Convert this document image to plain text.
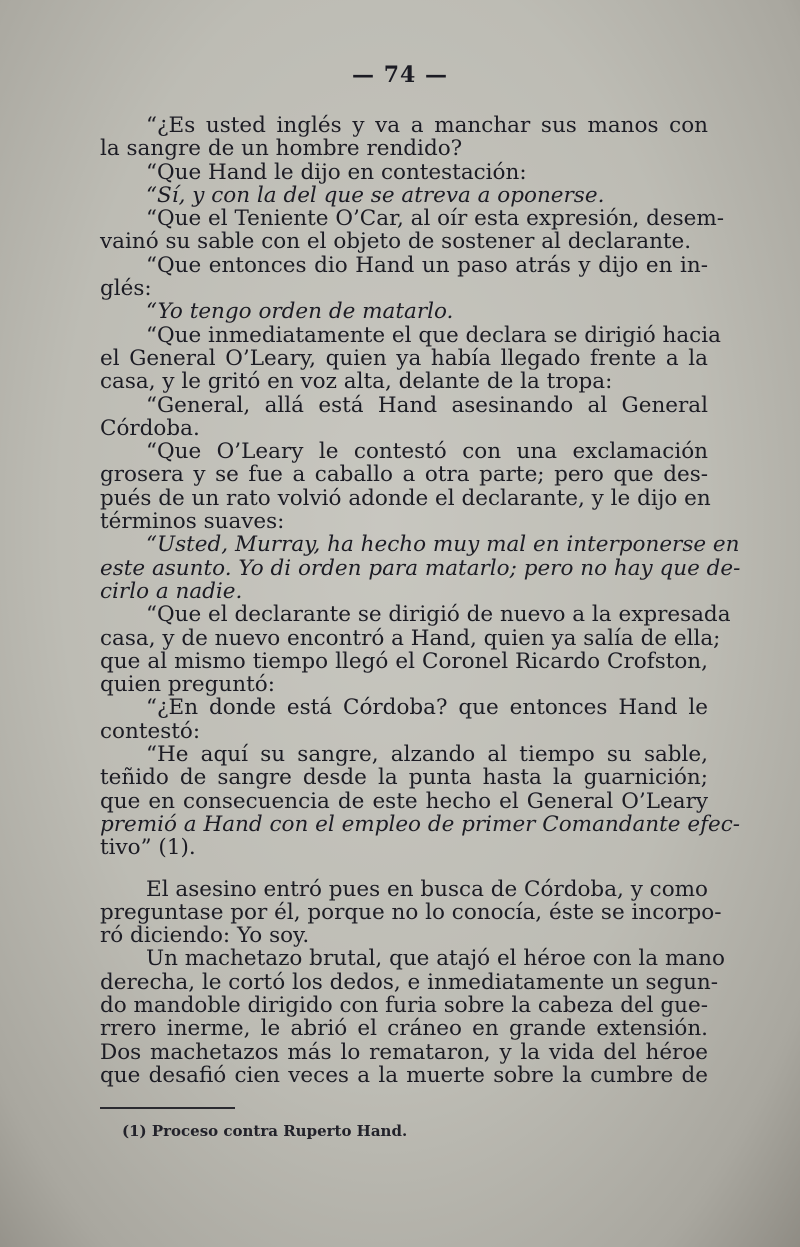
— 74 —
“¿Es usted inglés y va a manchar sus manos con
la sangre de un hombre rendido?
“Que Hand le dijo en contestación:
“Sí, y con la del que se atreva a oponerse.
“Que el Teniente O’Car, al oír esta expresión, desem-
vainó su sable con el objeto de sostener al declarante.
“Que entonces dio Hand un paso atrás y dijo en in-
glés:
“Yo tengo orden de matarlo.
“Que inmediatamente el que declara se dirigió hacia
el General O’Leary, quien ya había llegado frente a la
casa, y le gritó en voz alta, delante de la tropa:
“General, allá está Hand asesinando al General
Córdoba.
“Que O’Leary le contestó con una exclamación
grosera y se fue a caballo a otra parte; pero que des-
pués de un rato volvió adonde el declarante, y le dijo en
términos suaves:
“Usted, Murray, ha hecho muy mal en interponerse en
este asunto. Yo di orden para matarlo; pero no hay que de-
cirlo a nadie.
“Que el declarante se dirigió de nuevo a la expresada
casa, y de nuevo encontró a Hand, quien ya salía de ella;
que al mismo tiempo llegó el Coronel Ricardo Crofston,
quien preguntó:
“¿En donde está Córdoba? que entonces Hand le
contestó:
“He aquí su sangre, alzando al tiempo su sable,
teñido de sangre desde la punta hasta la guarnición;
que en consecuencia de este hecho el General O’Leary
premió a Hand con el empleo de primer Comandante efec-
tivo” (1).
El asesino entró pues en busca de Córdoba, y como
preguntase por él, porque no lo conocía, éste se incorpo-
ró diciendo: Yo soy.
Un machetazo brutal, que atajó el héroe con la mano
derecha, le cortó los dedos, e inmediatamente un segun-
do mandoble dirigido con furia sobre la cabeza del gue-
rrero inerme, le abrió el cráneo en grande extensión.
Dos machetazos más lo remataron, y la vida del héroe
que desafió cien veces a la muerte sobre la cumbre de
(1) Proceso contra Ruperto Hand.
